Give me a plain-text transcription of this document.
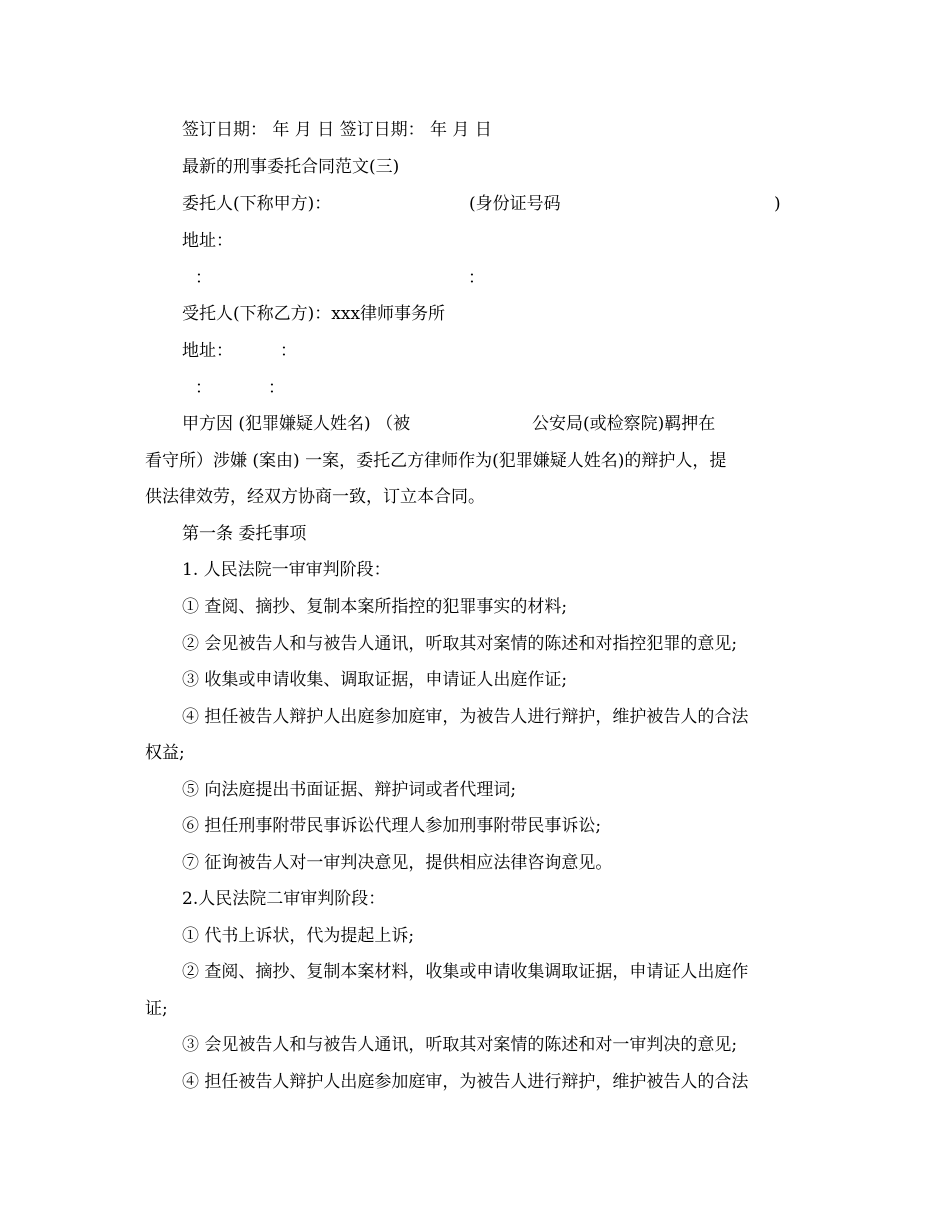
签订日期： 年 月 日 签订日期： 年 月 日
最新的刑事委托合同范文(三)
委托人(下称甲方)：	(身份证号码	)
地址：
：	：
受托人(下称乙方)：xxx律师事务所
地址：	：
：	：
甲方因 (犯罪嫌疑人姓名) （被	公安局(或检察院)羁押在
看守所）涉嫌 (案由) 一案，委托乙方律师作为(犯罪嫌疑人姓名)的辩护人，提
供法律效劳，经双方协商一致，订立本合同。
第一条 委托事项
1. 人民法院一审审判阶段：
① 查阅、摘抄、复制本案所指控的犯罪事实的材料;
② 会见被告人和与被告人通讯，听取其对案情的陈述和对指控犯罪的意见;
③ 收集或申请收集、调取证据，申请证人出庭作证;
④ 担任被告人辩护人出庭参加庭审，为被告人进行辩护，维护被告人的合法
权益;
⑤ 向法庭提出书面证据、辩护词或者代理词;
⑥ 担任刑事附带民事诉讼代理人参加刑事附带民事诉讼;
⑦ 征询被告人对一审判决意见，提供相应法律咨询意见。
2.人民法院二审审判阶段：
① 代书上诉状，代为提起上诉;
② 查阅、摘抄、复制本案材料，收集或申请收集调取证据，申请证人出庭作
证;
③ 会见被告人和与被告人通讯，听取其对案情的陈述和对一审判决的意见;
④ 担任被告人辩护人出庭参加庭审，为被告人进行辩护，维护被告人的合法
